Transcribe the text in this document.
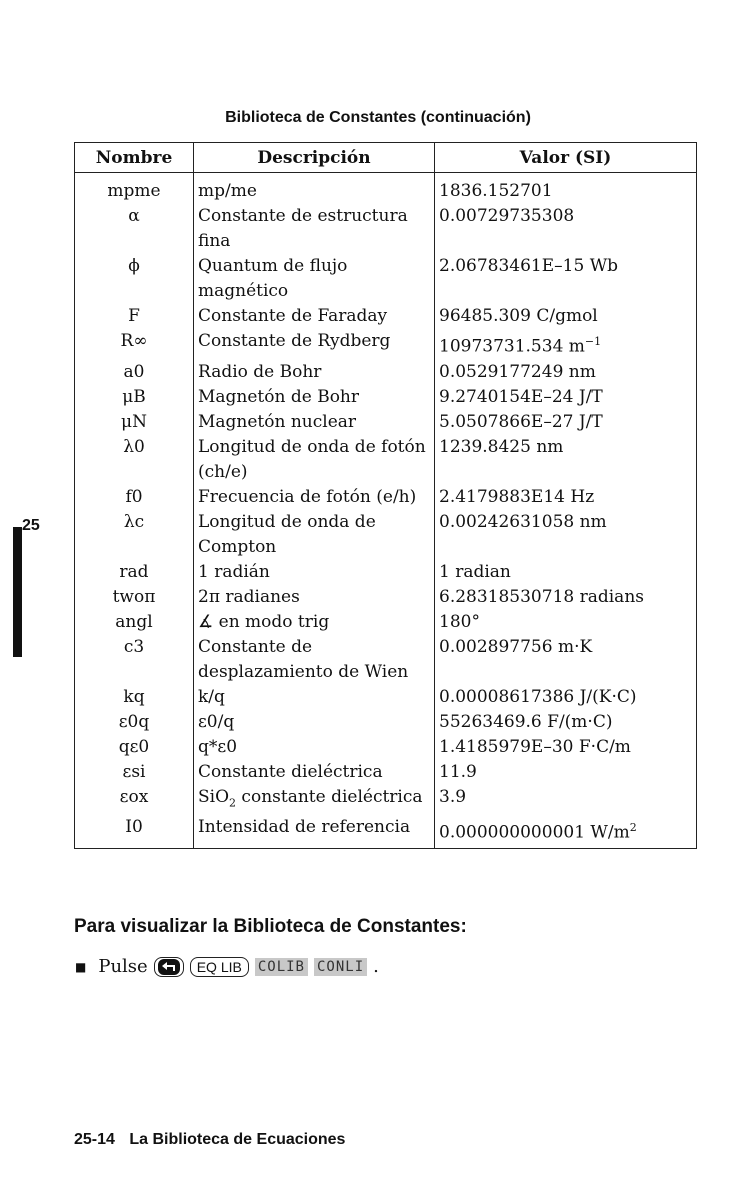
Biblioteca de Constantes (continuación)
Nombre	Descripción	Valor (SI)
mpme	mp/me	1836.152701
α	Constante de estructura fina	0.00729735308
ϕ	Quantum de flujo magnético	2.06783461E–15 Wb
F	Constante de Faraday	96485.309 C/gmol
R∞	Constante de Rydberg	10973731.534 $m^{-1}$
a0	Radio de Bohr	0.0529177249 nm
μB	Magnetón de Bohr	9.2740154E–24 J/T
μN	Magnetón nuclear	5.0507866E–27 J/T
λ0	Longitud de onda de fotón (ch/e)	1239.8425 nm
f0	Frecuencia de fotón (e/h)	2.4179883E14 Hz
λc	Longitud de onda de Compton	0.00242631058 nm
rad	1 radián	1 radian
twoπ	2π radianes	6.28318530718 radians
angl	∡ en modo trig	180°
c3	Constante de desplazamiento de Wien	0.002897756 m·K
kq	k/q	0.00008617386 J/(K·C)
ε0q	ε0/q	55263469.6 F/(m·C)
qε0	q*ε0	1.4185979E–30 F·C/m
εsi	Constante dieléctrica	11.9
εox	SiO$_2$ constante dieléctrica	3.9
I0	Intensidad de referencia	0.000000000001 $W/m^2$
25
Para visualizar la Biblioteca de Constantes:
■ Pulse	EQ LIB	COLIB CONLI .
25-14 La Biblioteca de Ecuaciones
